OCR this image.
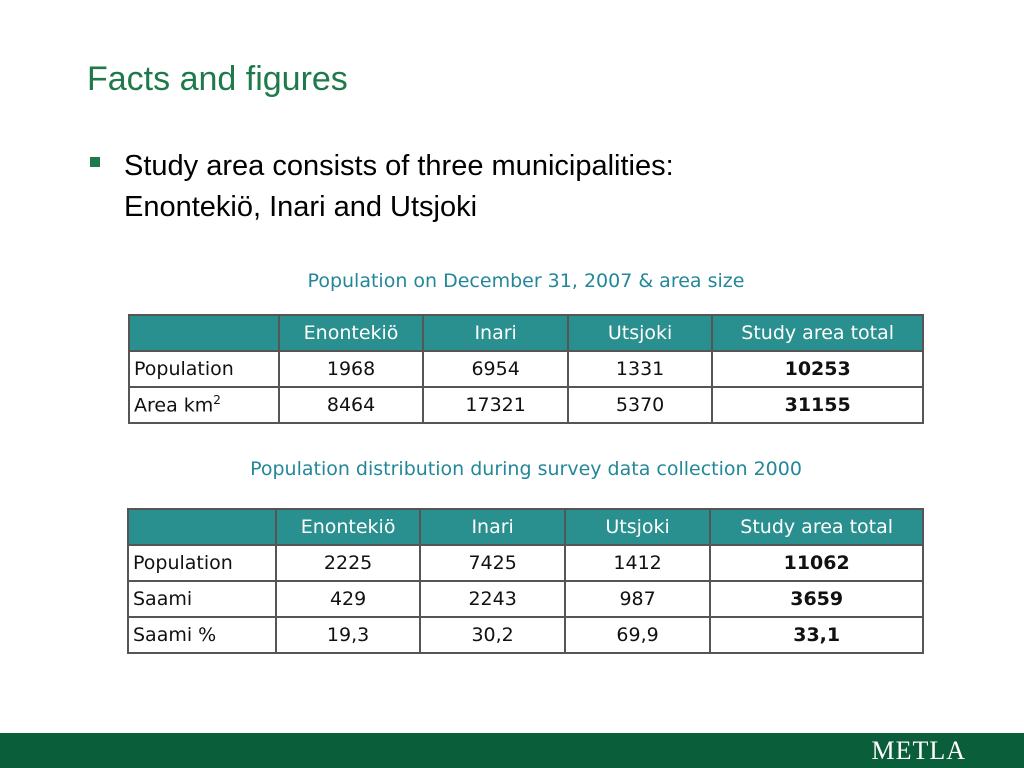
Facts and figures
Study area consists of three municipalities:
Enontekiö, Inari and Utsjoki
Population on December 31, 2007 & area size
	Enontekiö	Inari	Utsjoki	Study area total
Population	1968	6954	1331	10253
Area $km^2$	8464	17321	5370	31155
Population distribution during survey data collection 2000
	Enontekiö	Inari	Utsjoki	Study area total
Population	2225	7425	1412	11062
Saami	429	2243	987	3659
Saami %	19,3	30,2	69,9	33,1
METLA
